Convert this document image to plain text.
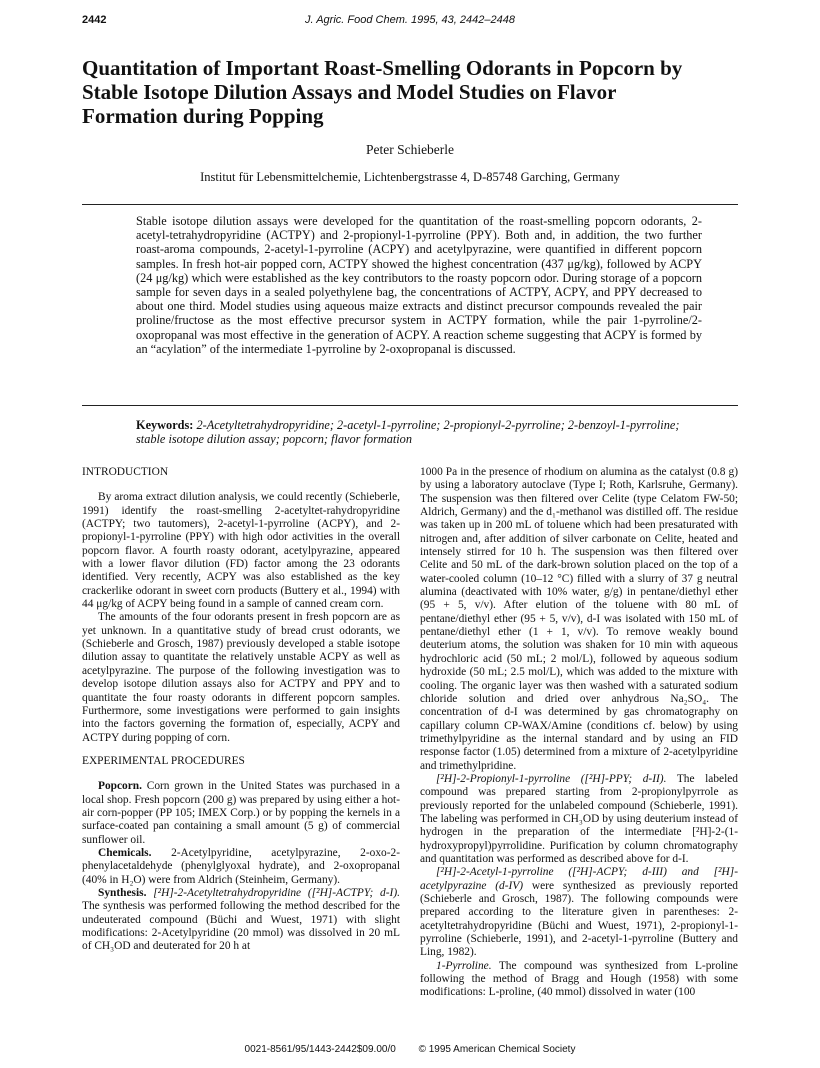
2442	J. Agric. Food Chem. 1995, 43, 2442–2448
Quantitation of Important Roast-Smelling Odorants in Popcorn by Stable Isotope Dilution Assays and Model Studies on Flavor Formation during Popping
Peter Schieberle
Institut für Lebensmittelchemie, Lichtenbergstrasse 4, D-85748 Garching, Germany

Stable isotope dilution assays were developed for the quantitation of the roast-smelling popcorn odorants, 2-acetyl-tetrahydropyridine (ACTPY) and 2-propionyl-1-pyrroline (PPY). Both and, in addition, the two further roast-aroma compounds, 2-acetyl-1-pyrroline (ACPY) and acetylpyrazine, were quantified in different popcorn samples. In fresh hot-air popped corn, ACTPY showed the highest concentration (437 μg/kg), followed by ACPY (24 μg/kg) which were established as the key contributors to the roasty popcorn odor. During storage of a popcorn sample for seven days in a sealed polyethylene bag, the concentrations of ACTPY, ACPY, and PPY decreased to about one third. Model studies using aqueous maize extracts and distinct precursor compounds revealed the pair proline/fructose as the most effective precursor system in ACTPY formation, while the pair 1-pyrroline/2-oxopropanal was most effective in the generation of ACPY. A reaction scheme suggesting that ACPY is formed by an “acylation” of the intermediate 1-pyrroline by 2-oxopropanal is discussed.

Keywords: 2-Acetyltetrahydropyridine; 2-acetyl-1-pyrroline; 2-propionyl-2-pyrroline; 2-benzoyl-1-pyrroline; stable isotope dilution assay; popcorn; flavor formation

INTRODUCTION

By aroma extract dilution analysis, we could recently (Schieberle, 1991) identify the roast-smelling 2-acetyltet-rahydropyridine (ACTPY; two tautomers), 2-acetyl-1-pyrroline (ACPY), and 2-propionyl-1-pyrroline (PPY) with high odor activities in the overall popcorn flavor. A fourth roasty odorant, acetylpyrazine, appeared with a lower flavor dilution (FD) factor among the 23 odorants identified. Very recently, ACPY was also established as the key crackerlike odorant in sweet corn products (Buttery et al., 1994) with 44 μg/kg of ACPY being found in a sample of canned cream corn.

The amounts of the four odorants present in fresh popcorn are as yet unknown. In a quantitative study of bread crust odorants, we (Schieberle and Grosch, 1987) previously developed a stable isotope dilution assay to quantitate the relatively unstable ACPY as well as acetylpyrazine. The purpose of the following investigation was to develop isotope dilution assays also for ACTPY and PPY and to quantitate the four roasty odorants in different popcorn samples. Furthermore, some investigations were performed to gain insights into the factors governing the formation of, especially, ACPY and ACTPY during popping of corn.

EXPERIMENTAL PROCEDURES

Popcorn. Corn grown in the United States was purchased in a local shop. Fresh popcorn (200 g) was prepared by using either a hot-air corn-popper (PP 105; IMEX Corp.) or by popping the kernels in a surface-coated pan containing a small amount (5 g) of commercial sunflower oil.

Chemicals. 2-Acetylpyridine, acetylpyrazine, 2-oxo-2-phenylacetaldehyde (phenylglyoxal hydrate), and 2-oxopropanal (40% in H₂O) were from Aldrich (Steinheim, Germany).

Synthesis. [²H]-2-Acetyltetrahydropyridine ([²H]-ACTPY; d-I). The synthesis was performed following the method described for the undeuterated compound (Büchi and Wuest, 1971) with slight modifications: 2-Acetylpyridine (20 mmol) was dissolved in 20 mL of CH₃OD and deuterated for 20 h at

1000 Pa in the presence of rhodium on alumina as the catalyst (0.8 g) by using a laboratory autoclave (Type I; Roth, Karlsruhe, Germany). The suspension was then filtered over Celite (type Celatom FW-50; Aldrich, Germany) and the d₁-methanol was distilled off. The residue was taken up in 200 mL of toluene which had been presaturated with nitrogen and, after addition of silver carbonate on Celite, heated and intensely stirred for 10 h. The suspension was then filtered over Celite and 50 mL of the dark-brown solution placed on the top of a water-cooled column (10–12 °C) filled with a slurry of 37 g neutral alumina (deactivated with 10% water, g/g) in pentane/diethyl ether (95 + 5, v/v). After elution of the toluene with 80 mL of pentane/diethyl ether (95 + 5, v/v), d-I was isolated with 150 mL of pentane/diethyl ether (1 + 1, v/v). To remove weakly bound deuterium atoms, the solution was shaken for 10 min with aqueous hydrochloric acid (50 mL; 2 mol/L), followed by aqueous sodium hydroxide (50 mL; 2.5 mol/L), which was added to the mixture with cooling. The organic layer was then washed with a saturated sodium chloride solution and dried over anhydrous Na₂SO₄. The concentration of d-I was determined by gas chromatography on capillary column CP-WAX/Amine (conditions cf. below) by using trimethylpyridine as the internal standard and by using an FID response factor (1.05) determined from a mixture of 2-acetylpyridine and trimethylpridine.

[²H]-2-Propionyl-1-pyrroline ([²H]-PPY; d-II). The labeled compound was prepared starting from 2-propionylpyrrole as previously reported for the unlabeled compound (Schieberle, 1991). The labeling was performed in CH₃OD by using deuterium instead of hydrogen in the preparation of the intermediate [²H]-2-(1-hydroxypropyl)pyrrolidine. Purification by column chromatography and quantitation was performed as described above for d-I.

[²H]-2-Acetyl-1-pyrroline ([²H]-ACPY; d-III) and [²H]-acetylpyrazine (d-IV) were synthesized as previously reported (Schieberle and Grosch, 1987). The following compounds were prepared according to the literature given in parentheses: 2-acetyltetrahydropyridine (Büchi and Wuest, 1971), 2-propionyl-1-pyrroline (Schieberle, 1991), and 2-acetyl-1-pyrroline (Buttery and Ling, 1982).

1-Pyrroline. The compound was synthesized from L-proline following the method of Bragg and Hough (1958) with some modifications: L-proline, (40 mmol) dissolved in water (100

0021-8561/95/1443-2442$09.00/0 © 1995 American Chemical Society
